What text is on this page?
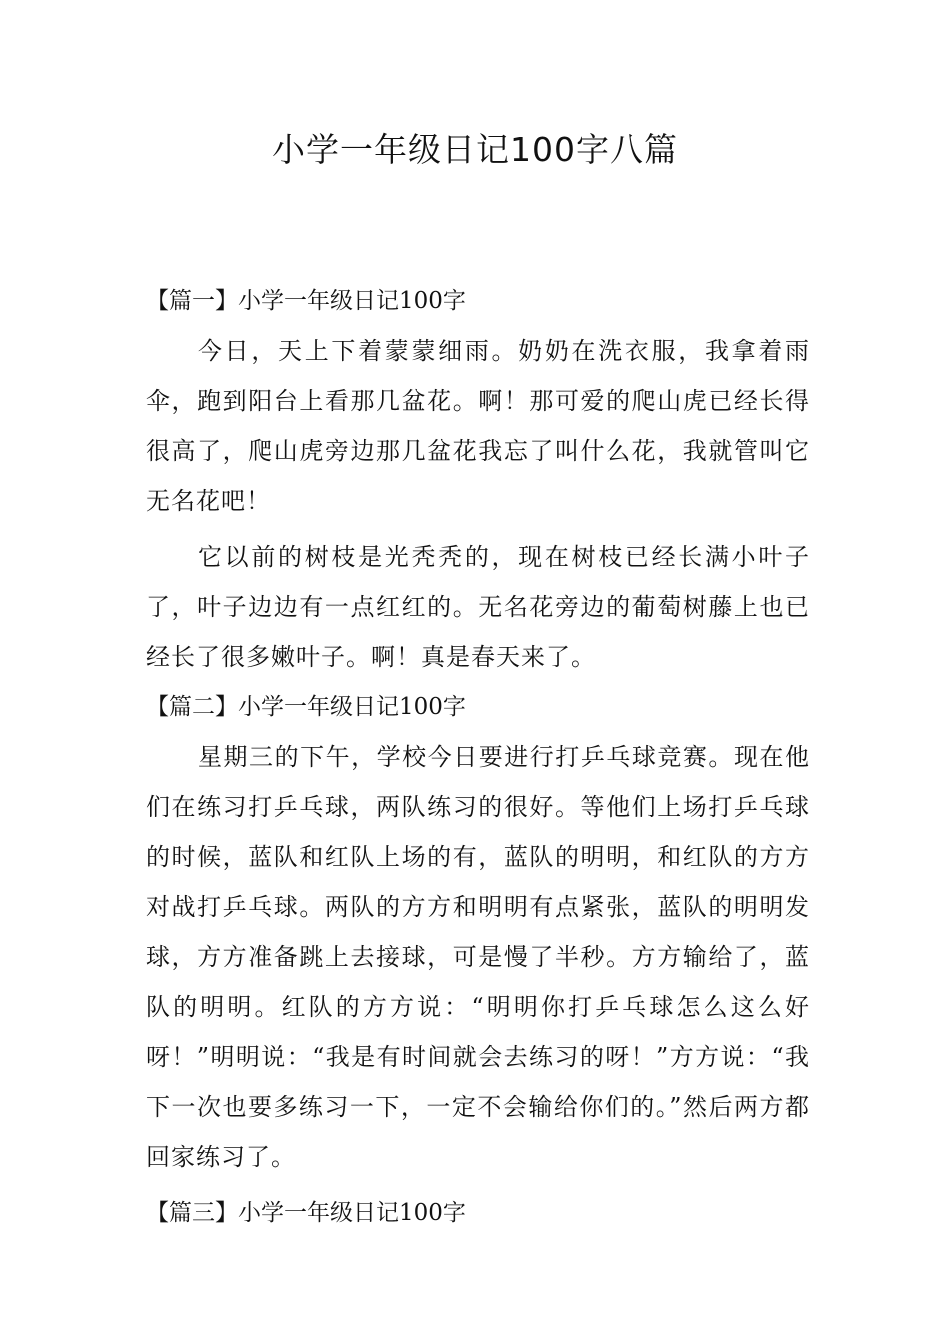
小学一年级日记100字八篇
【篇一】小学一年级日记100字

今日，天上下着蒙蒙细雨。奶奶在洗衣服，我拿着雨伞，跑到阳台上看那几盆花。啊！那可爱的爬山虎已经长得很高了，爬山虎旁边那几盆花我忘了叫什么花，我就管叫它无名花吧！

它以前的树枝是光秃秃的，现在树枝已经长满小叶子了，叶子边边有一点红红的。无名花旁边的葡萄树藤上也已经长了很多嫩叶子。啊！真是春天来了。

【篇二】小学一年级日记100字

星期三的下午，学校今日要进行打乒乓球竞赛。现在他们在练习打乒乓球，两队练习的很好。等他们上场打乒乓球的时候，蓝队和红队上场的有，蓝队的明明，和红队的方方对战打乒乓球。两队的方方和明明有点紧张，蓝队的明明发球，方方准备跳上去接球，可是慢了半秒。方方输给了，蓝队的明明。红队的方方说：“明明你打乒乓球怎么这么好呀！”明明说：“我是有时间就会去练习的呀！”方方说：“我下一次也要多练习一下，一定不会输给你们的。”然后两方都回家练习了。

【篇三】小学一年级日记100字
